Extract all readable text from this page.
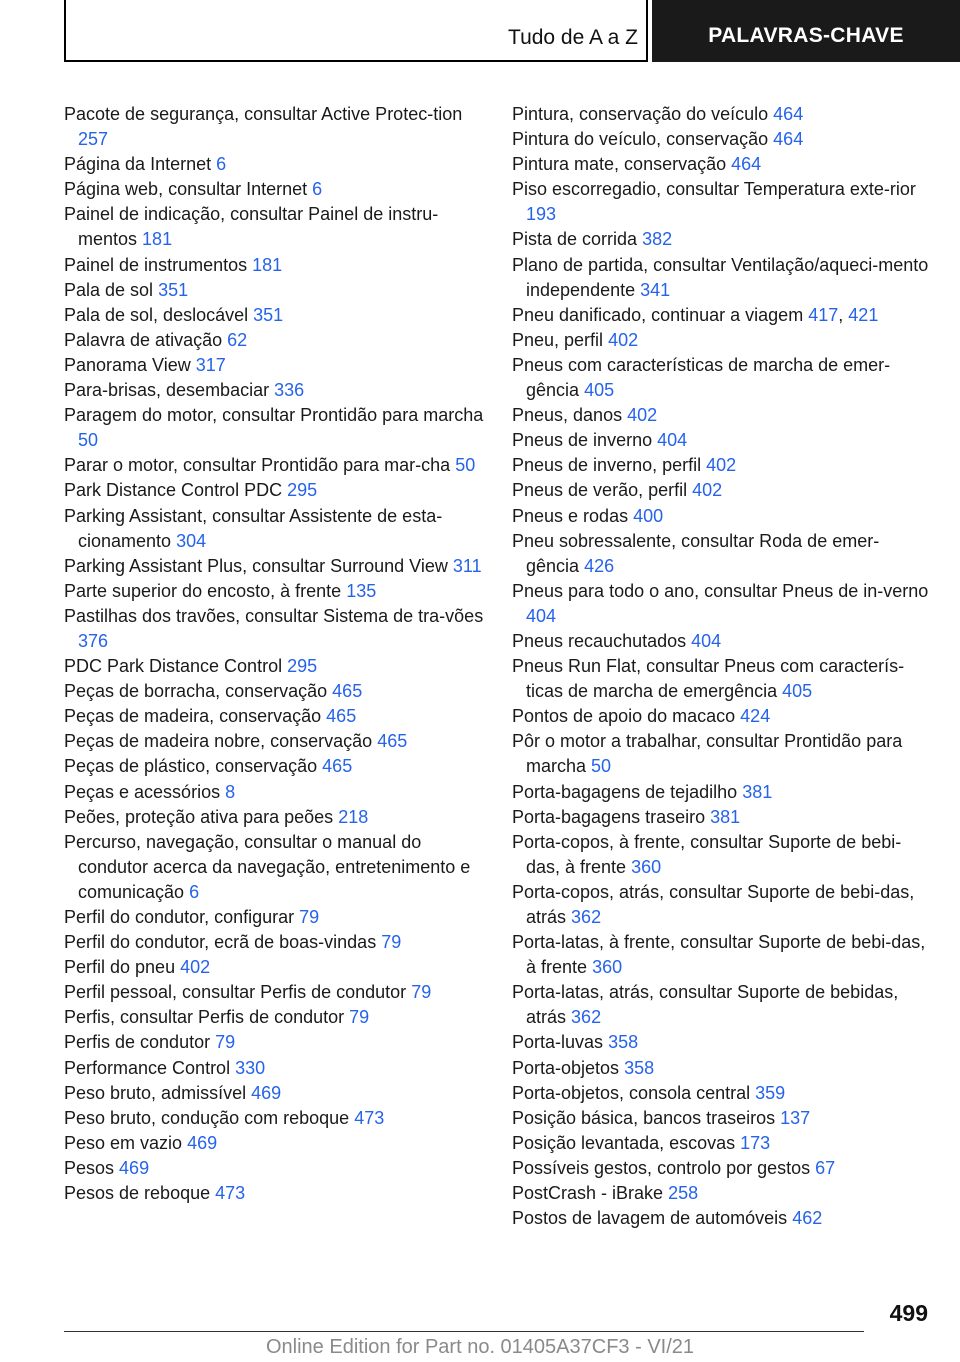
Tudo de A a Z	PALAVRAS-CHAVE

Pacote de segurança, consultar Active Protec-tion 257

Página da Internet 6

Página web, consultar Internet 6

Painel de indicação, consultar Painel de instru-mentos 181

Painel de instrumentos 181

Pala de sol 351

Pala de sol, deslocável 351

Palavra de ativação 62

Panorama View 317

Para-brisas, desembaciar 336

Paragem do motor, consultar Prontidão para marcha 50

Parar o motor, consultar Prontidão para mar-cha 50

Park Distance Control PDC 295

Parking Assistant, consultar Assistente de esta-cionamento 304

Parking Assistant Plus, consultar Surround View 311

Parte superior do encosto, à frente 135

Pastilhas dos travões, consultar Sistema de tra-vões 376

PDC Park Distance Control 295

Peças de borracha, conservação 465

Peças de madeira, conservação 465

Peças de madeira nobre, conservação 465

Peças de plástico, conservação 465

Peças e acessórios 8

Peões, proteção ativa para peões 218

Percurso, navegação, consultar o manual do condutor acerca da navegação, entretenimento e comunicação 6

Perfil do condutor, configurar 79

Perfil do condutor, ecrã de boas-vindas 79

Perfil do pneu 402

Perfil pessoal, consultar Perfis de condutor 79

Perfis, consultar Perfis de condutor 79

Perfis de condutor 79

Performance Control 330

Peso bruto, admissível 469

Peso bruto, condução com reboque 473

Peso em vazio 469

Pesos 469

Pesos de reboque 473

Pintura, conservação do veículo 464

Pintura do veículo, conservação 464

Pintura mate, conservação 464

Piso escorregadio, consultar Temperatura exte-rior 193

Pista de corrida 382

Plano de partida, consultar Ventilação/aqueci-mento independente 341

Pneu danificado, continuar a viagem 417, 421

Pneu, perfil 402

Pneus com características de marcha de emer-gência 405

Pneus, danos 402

Pneus de inverno 404

Pneus de inverno, perfil 402

Pneus de verão, perfil 402

Pneus e rodas 400

Pneu sobressalente, consultar Roda de emer-gência 426

Pneus para todo o ano, consultar Pneus de in-verno 404

Pneus recauchutados 404

Pneus Run Flat, consultar Pneus com caracterís-ticas de marcha de emergência 405

Pontos de apoio do macaco 424

Pôr o motor a trabalhar, consultar Prontidão para marcha 50

Porta-bagagens de tejadilho 381

Porta-bagagens traseiro 381

Porta-copos, à frente, consultar Suporte de bebi-das, à frente 360

Porta-copos, atrás, consultar Suporte de bebi-das, atrás 362

Porta-latas, à frente, consultar Suporte de bebi-das, à frente 360

Porta-latas, atrás, consultar Suporte de bebidas, atrás 362

Porta-luvas 358

Porta-objetos 358

Porta-objetos, consola central 359

Posição básica, bancos traseiros 137

Posição levantada, escovas 173

Possíveis gestos, controlo por gestos 67

PostCrash - iBrake 258

Postos de lavagem de automóveis 462

499
Online Edition for Part no. 01405A37CF3 - VI/21
